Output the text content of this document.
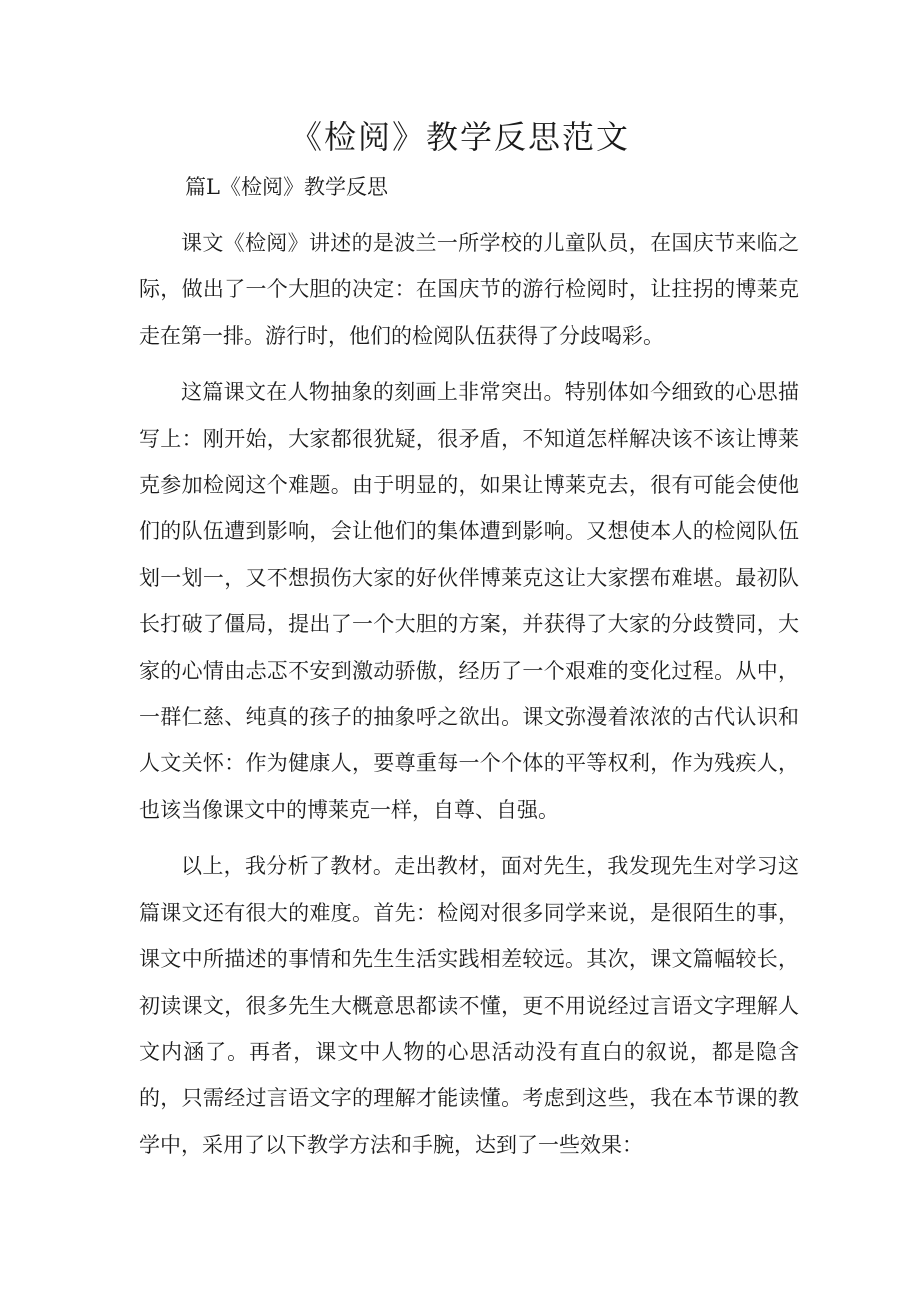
《检阅》教学反思范文
篇L《检阅》教学反思

课文《检阅》讲述的是波兰一所学校的儿童队员，在国庆节来临之际，做出了一个大胆的决定：在国庆节的游行检阅时，让拄拐的博莱克走在第一排。游行时，他们的检阅队伍获得了分歧喝彩。

这篇课文在人物抽象的刻画上非常突出。特别体如今细致的心思描写上：刚开始，大家都很犹疑，很矛盾，不知道怎样解决该不该让博莱克参加检阅这个难题。由于明显的，如果让博莱克去，很有可能会使他们的队伍遭到影响，会让他们的集体遭到影响。又想使本人的检阅队伍划一划一，又不想损伤大家的好伙伴博莱克这让大家摆布难堪。最初队长打破了僵局，提出了一个大胆的方案，并获得了大家的分歧赞同，大家的心情由忐忑不安到激动骄傲，经历了一个艰难的变化过程。从中，一群仁慈、纯真的孩子的抽象呼之欲出。课文弥漫着浓浓的古代认识和人文关怀：作为健康人，要尊重每一个个体的平等权利，作为残疾人，也该当像课文中的博莱克一样，自尊、自强。

以上，我分析了教材。走出教材，面对先生，我发现先生对学习这篇课文还有很大的难度。首先：检阅对很多同学来说，是很陌生的事，课文中所描述的事情和先生生活实践相差较远。其次，课文篇幅较长，初读课文，很多先生大概意思都读不懂，更不用说经过言语文字理解人文内涵了。再者，课文中人物的心思活动没有直白的叙说，都是隐含的，只需经过言语文字的理解才能读懂。考虑到这些，我在本节课的教学中，采用了以下教学方法和手腕，达到了一些效果：
